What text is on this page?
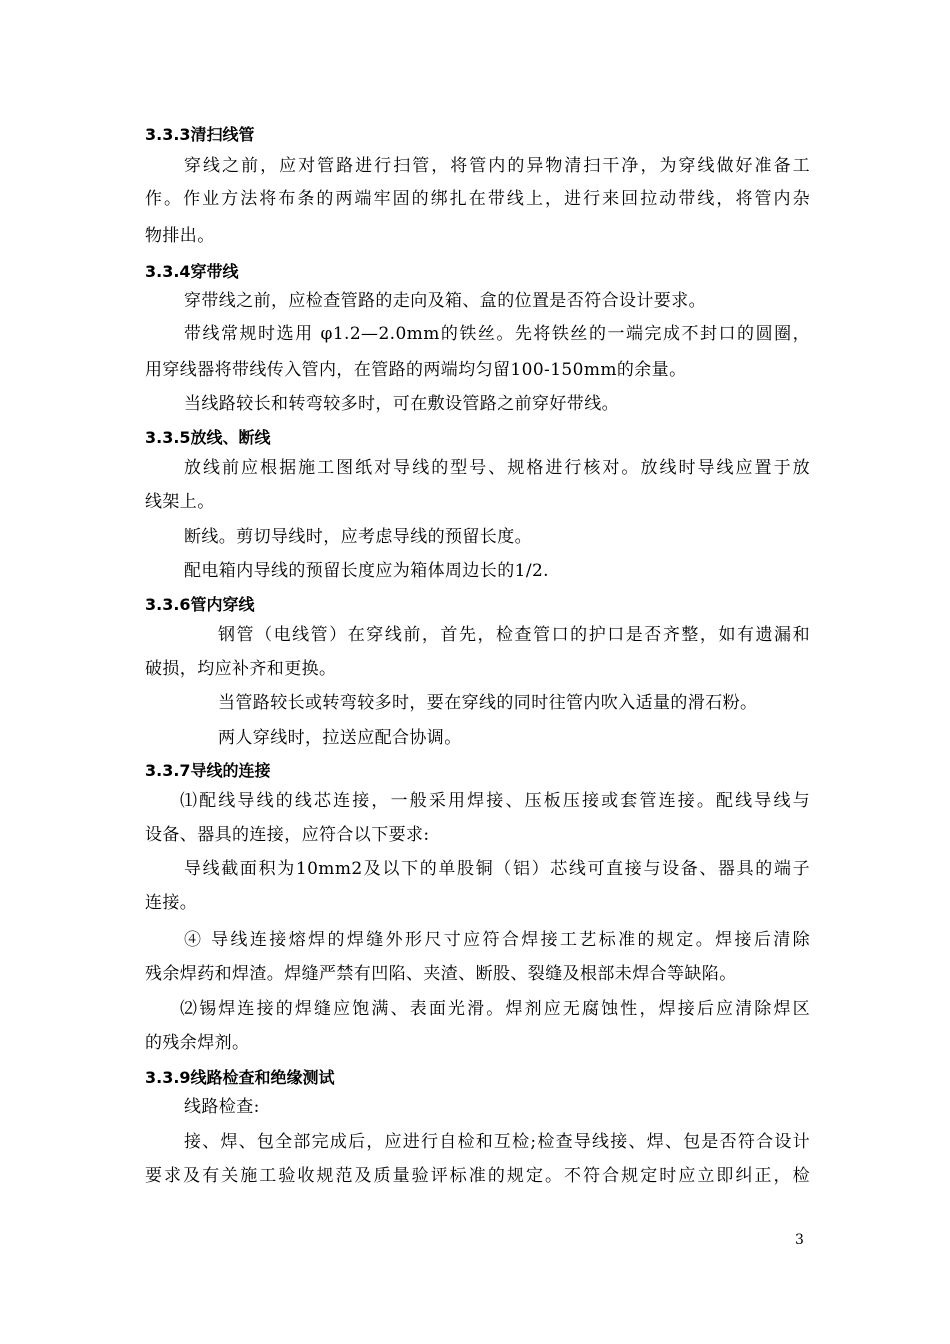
3.3.3清扫线管
穿线之前，应对管路进行扫管，将管内的异物清扫干净，为穿线做好准备工
作。作业方法将布条的两端牢固的绑扎在带线上，进行来回拉动带线，将管内杂
物排出。
3.3.4穿带线
穿带线之前，应检查管路的走向及箱、盒的位置是否符合设计要求。
带线常规时选用 φ1.2—2.0mm的铁丝。先将铁丝的一端完成不封口的圆圈，
用穿线器将带线传入管内，在管路的两端均匀留100-150mm的余量。
当线路较长和转弯较多时，可在敷设管路之前穿好带线。
3.3.5放线、断线
放线前应根据施工图纸对导线的型号、规格进行核对。放线时导线应置于放
线架上。
断线。剪切导线时，应考虑导线的预留长度。
配电箱内导线的预留长度应为箱体周边长的1/2.
3.3.6管内穿线
钢管（电线管）在穿线前，首先，检查管口的护口是否齐整，如有遗漏和
破损，均应补齐和更换。
当管路较长或转弯较多时，要在穿线的同时往管内吹入适量的滑石粉。
两人穿线时，拉送应配合协调。
3.3.7导线的连接
⑴配线导线的线芯连接，一般采用焊接、压板压接或套管连接。配线导线与
设备、器具的连接，应符合以下要求:
导线截面积为10mm2及以下的单股铜（铝）芯线可直接与设备、器具的端子
连接。
④ 导线连接熔焊的焊缝外形尺寸应符合焊接工艺标准的规定。焊接后清除
残余焊药和焊渣。焊缝严禁有凹陷、夹渣、断股、裂缝及根部未焊合等缺陷。
⑵锡焊连接的焊缝应饱满、表面光滑。焊剂应无腐蚀性，焊接后应清除焊区
的残余焊剂。
3.3.9线路检查和绝缘测试
线路检查:
接、焊、包全部完成后，应进行自检和互检;检查导线接、焊、包是否符合设计
要求及有关施工验收规范及质量验评标准的规定。不符合规定时应立即纠正，检
3
